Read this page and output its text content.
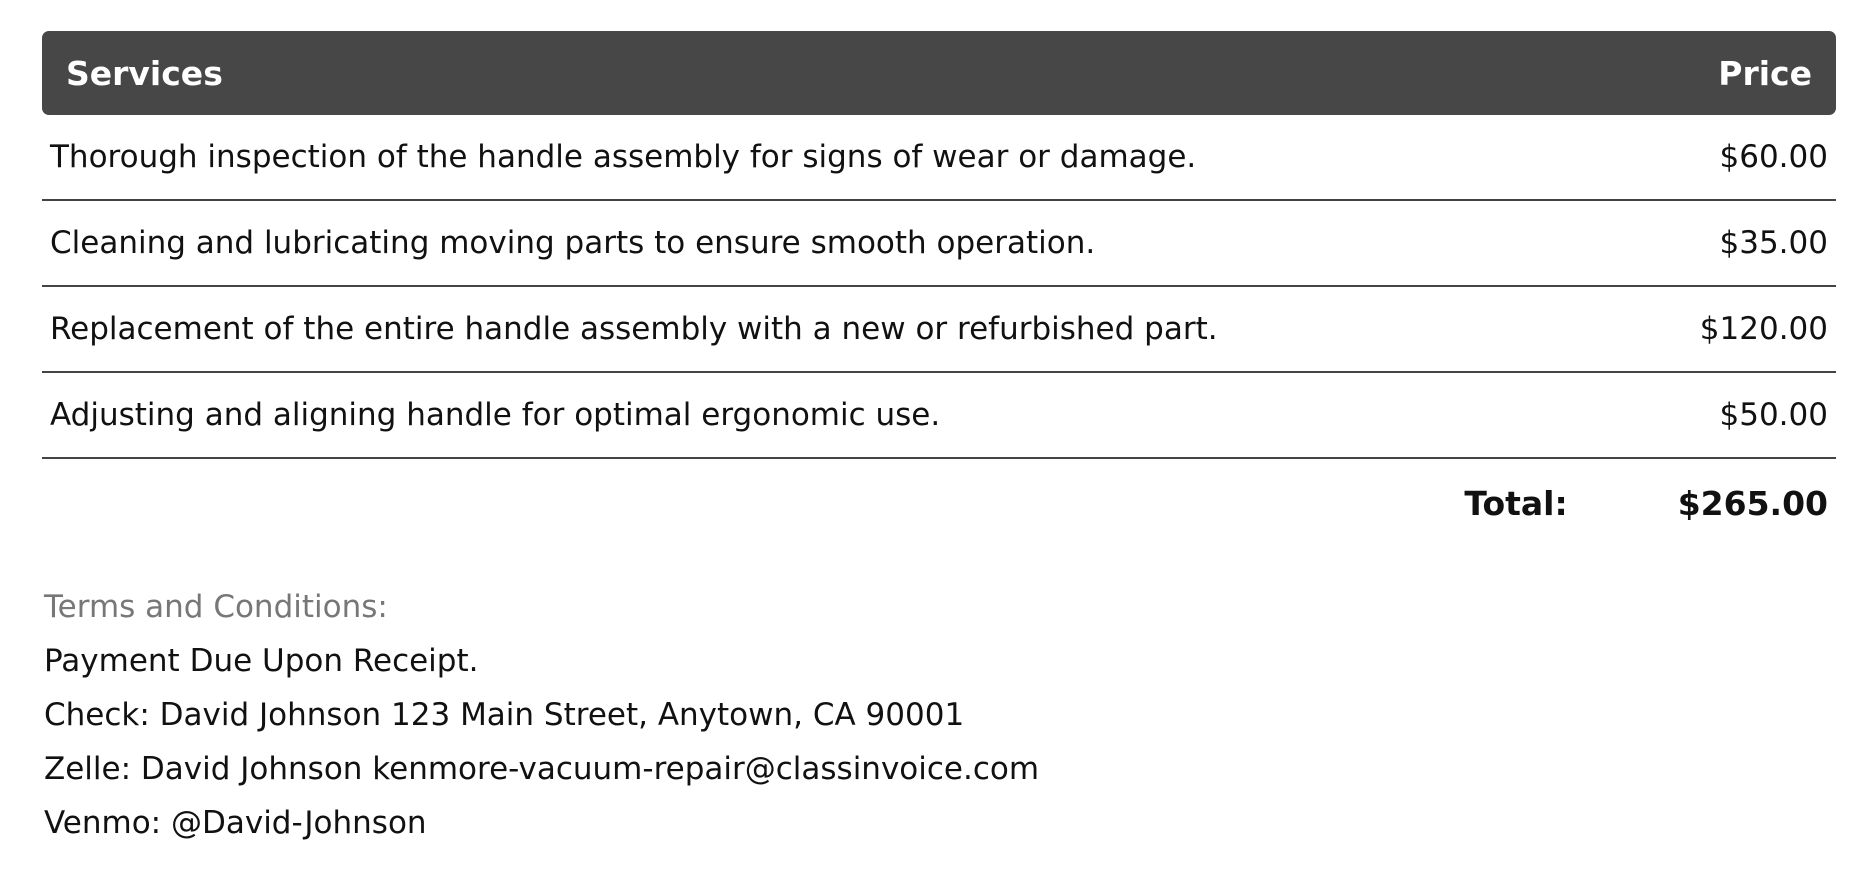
Services	Price
Thorough inspection of the handle assembly for signs of wear or damage.	$60.00
Cleaning and lubricating moving parts to ensure smooth operation.	$35.00
Replacement of the entire handle assembly with a new or refurbished part.	$120.00
Adjusting and aligning handle for optimal ergonomic use.	$50.00
Total:	$265.00
Terms and Conditions:
Payment Due Upon Receipt.
Check: David Johnson 123 Main Street, Anytown, CA 90001
Zelle: David Johnson kenmore-vacuum-repair@classinvoice.com
Venmo: @David-Johnson
